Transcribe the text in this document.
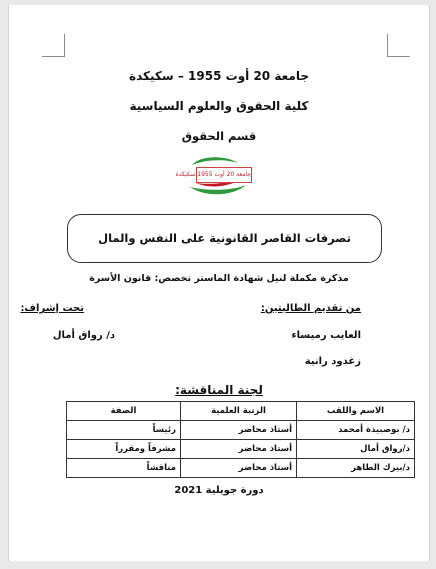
جامعة 20 أوت 1955 – سكيكدة
كلية الحقوق والعلوم السياسية
قسم الحقوق
جامعة 20 أوت 1955 سكيكدة
تصرفات القاصر القانونية على النفس والمال
مذكرة مكملة لنيل شهادة الماستر تخصص: قانون الأسرة
من تقديم الطالبتين:
تحت إشراف:
العايب رميساء
د/ رواق أمال
زغدود رانية
لجنة المناقشة:
الاسم واللقب	الرتبة العلمية	الصفة
د/ بوصبيدة أمحمد	أستاذ محاضر	رئيساً
د/رواق أمال	أستاذ محاضر	مشرفاً ومقرراً
د/بيرك الطاهر	أستاذ محاضر	مناقشاً
دورة جويلية 2021
